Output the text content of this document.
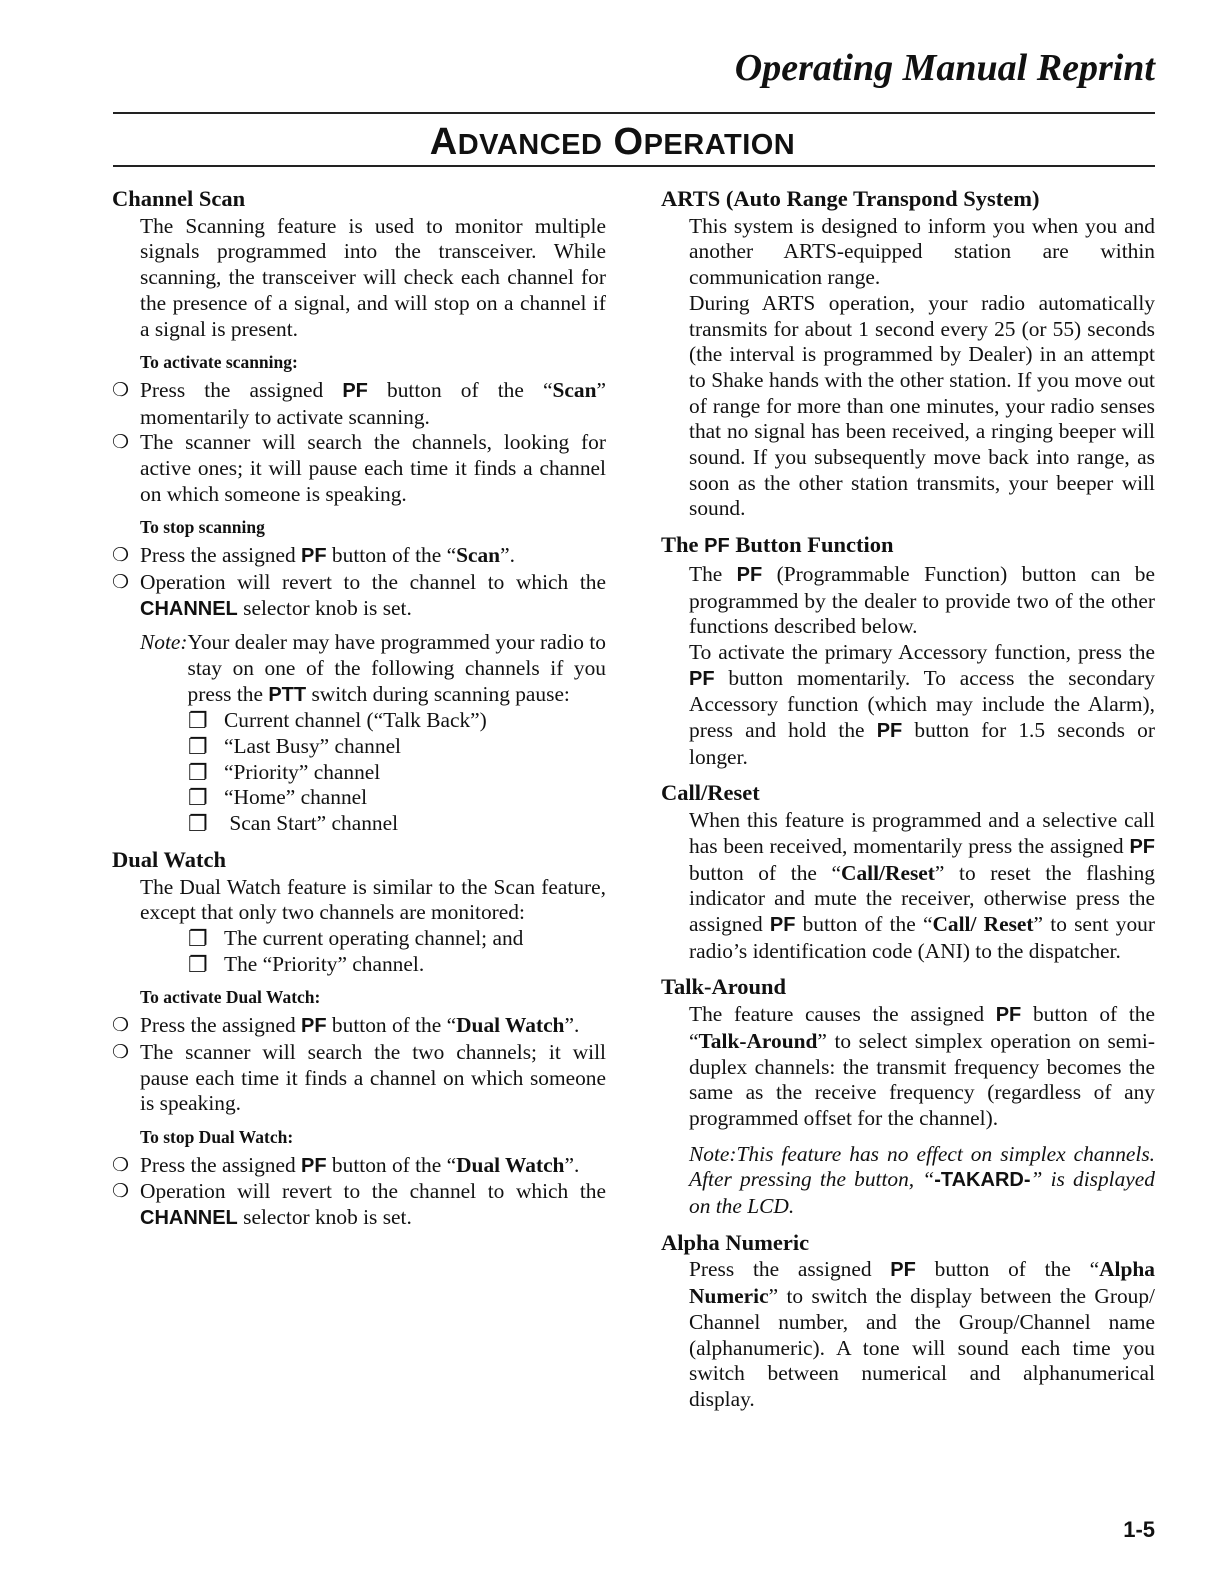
Operating Manual Reprint
ADVANCED OPERATION
Channel Scan
The Scanning feature is used to monitor multiple signals programmed into the transceiver. While scanning, the transceiver will check each channel for the presence of a signal, and will stop on a channel if a signal is present.
To activate scanning:
❍ Press the assigned PF button of the “Scan” momentarily to activate scanning.
❍ The scanner will search the channels, looking for active ones; it will pause each time it finds a channel on which someone is speaking.
To stop scanning
❍ Press the assigned PF button of the “Scan”.
❍ Operation will revert to the channel to which the CHANNEL selector knob is set.
Note: Your dealer may have programmed your radio to stay on one of the following channels if you press the PTT switch during scanning pause:
❐ Current channel (“Talk Back”)
❐ “Last Busy” channel
❐ “Priority” channel
❐ “Home” channel
❐ Scan Start” channel
Dual Watch
The Dual Watch feature is similar to the Scan feature, except that only two channels are monitored:
❐ The current operating channel; and
❐ The “Priority” channel.
To activate Dual Watch:
❍ Press the assigned PF button of the “Dual Watch”.
❍ The scanner will search the two channels; it will pause each time it finds a channel on which someone is speaking.
To stop Dual Watch:
❍ Press the assigned PF button of the “Dual Watch”.
❍ Operation will revert to the channel to which the CHANNEL selector knob is set.
ARTS (Auto Range Transpond System)
This system is designed to inform you when you and another ARTS-equipped station are within communication range.
During ARTS operation, your radio automatically transmits for about 1 second every 25 (or 55) seconds (the interval is programmed by Dealer) in an attempt to Shake hands with the other station. If you move out of range for more than one minutes, your radio senses that no signal has been received, a ringing beeper will sound. If you subsequently move back into range, as soon as the other station transmits, your beeper will sound.
The PF Button Function
The PF (Programmable Function) button can be programmed by the dealer to provide two of the other functions described below.
To activate the primary Accessory function, press the PF button momentarily. To access the secondary Accessory function (which may include the Alarm), press and hold the PF button for 1.5 seconds or longer.
Call/Reset
When this feature is programmed and a selective call has been received, momentarily press the assigned PF button of the “Call/Reset” to reset the flashing indicator and mute the receiver, otherwise press the assigned PF button of the “Call/ Reset” to sent your radio’s identification code (ANI) to the dispatcher.
Talk-Around
The feature causes the assigned PF button of the “Talk-Around” to select simplex operation on semi-duplex channels: the transmit frequency becomes the same as the receive frequency (regardless of any programmed offset for the channel).
Note:This feature has no effect on simplex channels. After pressing the button, “-TAKARD-” is displayed on the LCD.
Alpha Numeric
Press the assigned PF button of the “Alpha Numeric” to switch the display between the Group/ Channel number, and the Group/Channel name (alphanumeric). A tone will sound each time you switch between numerical and alphanumerical display.
1-5
